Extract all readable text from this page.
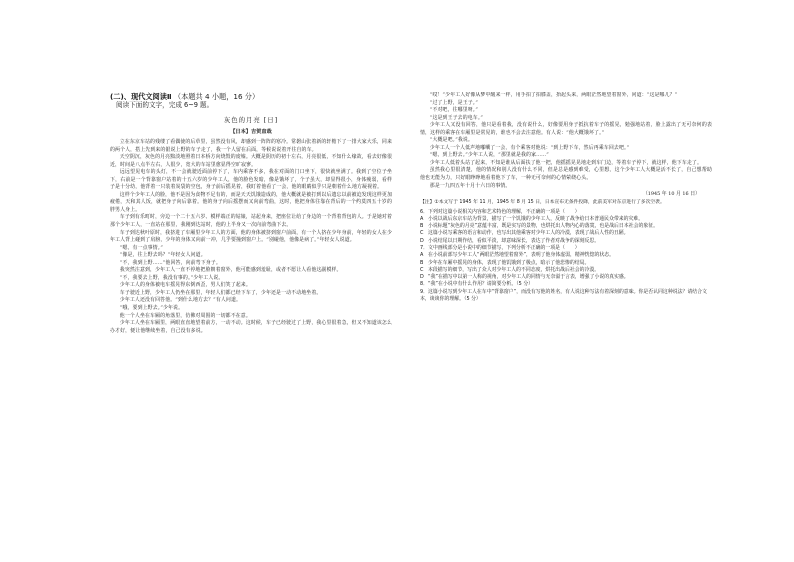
(二)、现代文阅读Ⅱ （本题共 4 小题，16 分）
阅读下面的文字，完成 6~9 题。
灰色的月亮 [日]
【日本】吉贺直哉

立在东京车站的残缕了看偶使的后草里，虽然没有风，却感到一阵阵的寒冷。常磐山张着新的轩檐下了一排大家大乐，同来的两个人，搭上先到来的银说上野的车子走了，我一个人留在后面，等候说说着开往自的车。

天空阴沉，灰色的月亮黯淡地照着日本桥方向烧毁的废墟。大概是阴历的初十左右，月亮很低，不知什么缘故，看去好像很近，时间是八点半左右，人很少，宽大的车站里愈显得空旷寂寥。

远远望见电车的头灯，不一会就驶近面前停下了，车内乘客不多，我在对面的门口坐下，很快就坐满了。我到了空位子坐下，右前是一个背靠窗户站着的十五六岁的少年工人，他的脸色发暗，像是饿坏了，个子虽大，却显得很小，身体瘦弱，看样子是十分幼，他背着一只装着炭袋的空包，身子前后摇晃着，我盯着他看了一会，他的眼睛似乎只是朝着什么地方凝视着。

这样个少年工人的脸，他不是因为食物不足有的，而是天天饥饿造成的，他大概就是被打到以后遗忘以前被迫发现这样更加疲倦，天和其人饭，就把身子向后靠着。他的身子向后摇摆而又向前弯曲，这时，他把身体往靠在背后的一个约莫四五十岁的胖男人身上。

车子到有乐町时，旁边一个二十五六岁、模样端正的姑娘，站起身来，把座位让给了身边的一个背着背包的人。于是她对着那个少年工人，一直站在那里，我刚到达站时，他的上半身又一次向前弯曲下去。

车子到达秋叶原时，我挤进了车厢里少年工人的方面，他的身体被挤到窗户前面，有一个人挤在少年身前，年轻的女人在少年工人背上碰到了肩膀，少年的身体又向前一冲，几乎要撞到窗户上。“别碰他，他像是病了。”年轻女人说道。

“嗯，有一点事情。”

“像是，往上野去吗？”年轻女人问道。

“不，我到上野……”他回答，向前弯下身子。

我突然注意到，少年工人一直不停地把脸朝着窗外，他可能感到羞耻，或者不愿让人看他这副模样。

“不，我要去上野，我没有事的。”少年工人说。

少年工人的身体被电车摇晃得东倒西歪，男人们笑了起来。

车子驶近上野，少年工人仍坐在那里，年轻人们都已经下车了，少年还是一动不动地坐着。

少年工人还没有回答他。“到什么地方去？”有人问道。

“哦，要到上野去。”少年说。

他一个人坐在车厢的角落里，仿佛对周围的一切都不在意。

少年工人坐在车厢里，两眼直直地望着前方，一动不动。这时候，车子已经驶过了上野，我心里很着急，但又不知道该怎么办才好，便让他继续坐着，自己没有多说。

“哎！”少年工人好像从梦中醒来一样，用手拍了拍膝盖，抬起头来，两眼茫然地望着窗外，问道：“这是哪儿？”

“过了上野，是王子。”

“不对吧，往哪里呀。”

“这是到王子去的电车。”

少年工人又没有回答，他只是看着我，没有说什么，好像要用身子抵抗着车子的摇晃，勉强地站着，脸上露出了无可奈何的表情，这样的乘客在车厢里是常见的，谁也不会去注意他。有人说：“他大概饿坏了。”

“大概是吧。”我说。

少年工人一个人低声地嘟囔了一会，有个乘客对他说：“到上野下车，然后再乘车回去吧。”

“嗯，到上野去。”少年工人说，“那里就是我的家……”

少年工人低着头站了起来，不知是谁从后面扶了他一把，他摇摇晃晃地走到车门边，等着车子停下，就这样，他下车走了。

虽然我心里很清楚，他的情况和别人没有什么不同，但是总是感到难受，心里想，这个少年工人大概是活不长了，自己想帮助他也无能为力，只好眼睁睁地看着他下了车，一种无可奈何的心情萦绕心头。

那是一九四五年十月十六日的事情。

（1945 年 10 月 16 日）
【注】①本文写于 1945 年 11 月，1945 年 8 月 15 日，日本宣布无条件投降，此前美军对东京进行了多次空袭。
6．下列对这篇小说相关内容和艺术特色的理解，不正确的一项是（　　）
A 小说以战后东京车站为背景，描写了一个饥饿的少年工人，反映了战争给日本普通民众带来的灾难。
B 小说标题“灰色的月亮”意蕴丰富，既是实写的景物，也烘托出人物内心的落寞，也是战后日本社会的象征。
C 这篇小说写乘客的语言和动作，也写出其他乘客对少年工人的冷漠，表现了战后人性的丑陋。
D 小说结尾以日期作结，看似平淡，却意味深长，表达了作者对战争的深刻反思。
7．文中画线部分是小说中的细节描写，下列分析不正确的一项是（　　）
A 在小说前部写少年工人“两眼茫然地望着窗外”，表明了他身体虚弱，精神恍惚的状态。
B 少年在车厢中摇晃的身体，表现了他饥饿到了极点，暗示了他悲惨的结局。
C 本段描写的细节，写出了众人对少年工人的不同态度，烘托出战后社会的冷漠。
D “我”在描写中以第一人称的视角，对少年工人的同情与无奈溢于言表，增强了小说的真实感。
8．“我”在小说中有什么作用？请简要分析。（5 分）
9．这篇小说写到少年工人在车中“背靠窗户”，而没有写他的姓名，有人说这种写法有着深刻的意味。你是否认同这种说法？请结合文本，谈谈你的理解。（5 分）
